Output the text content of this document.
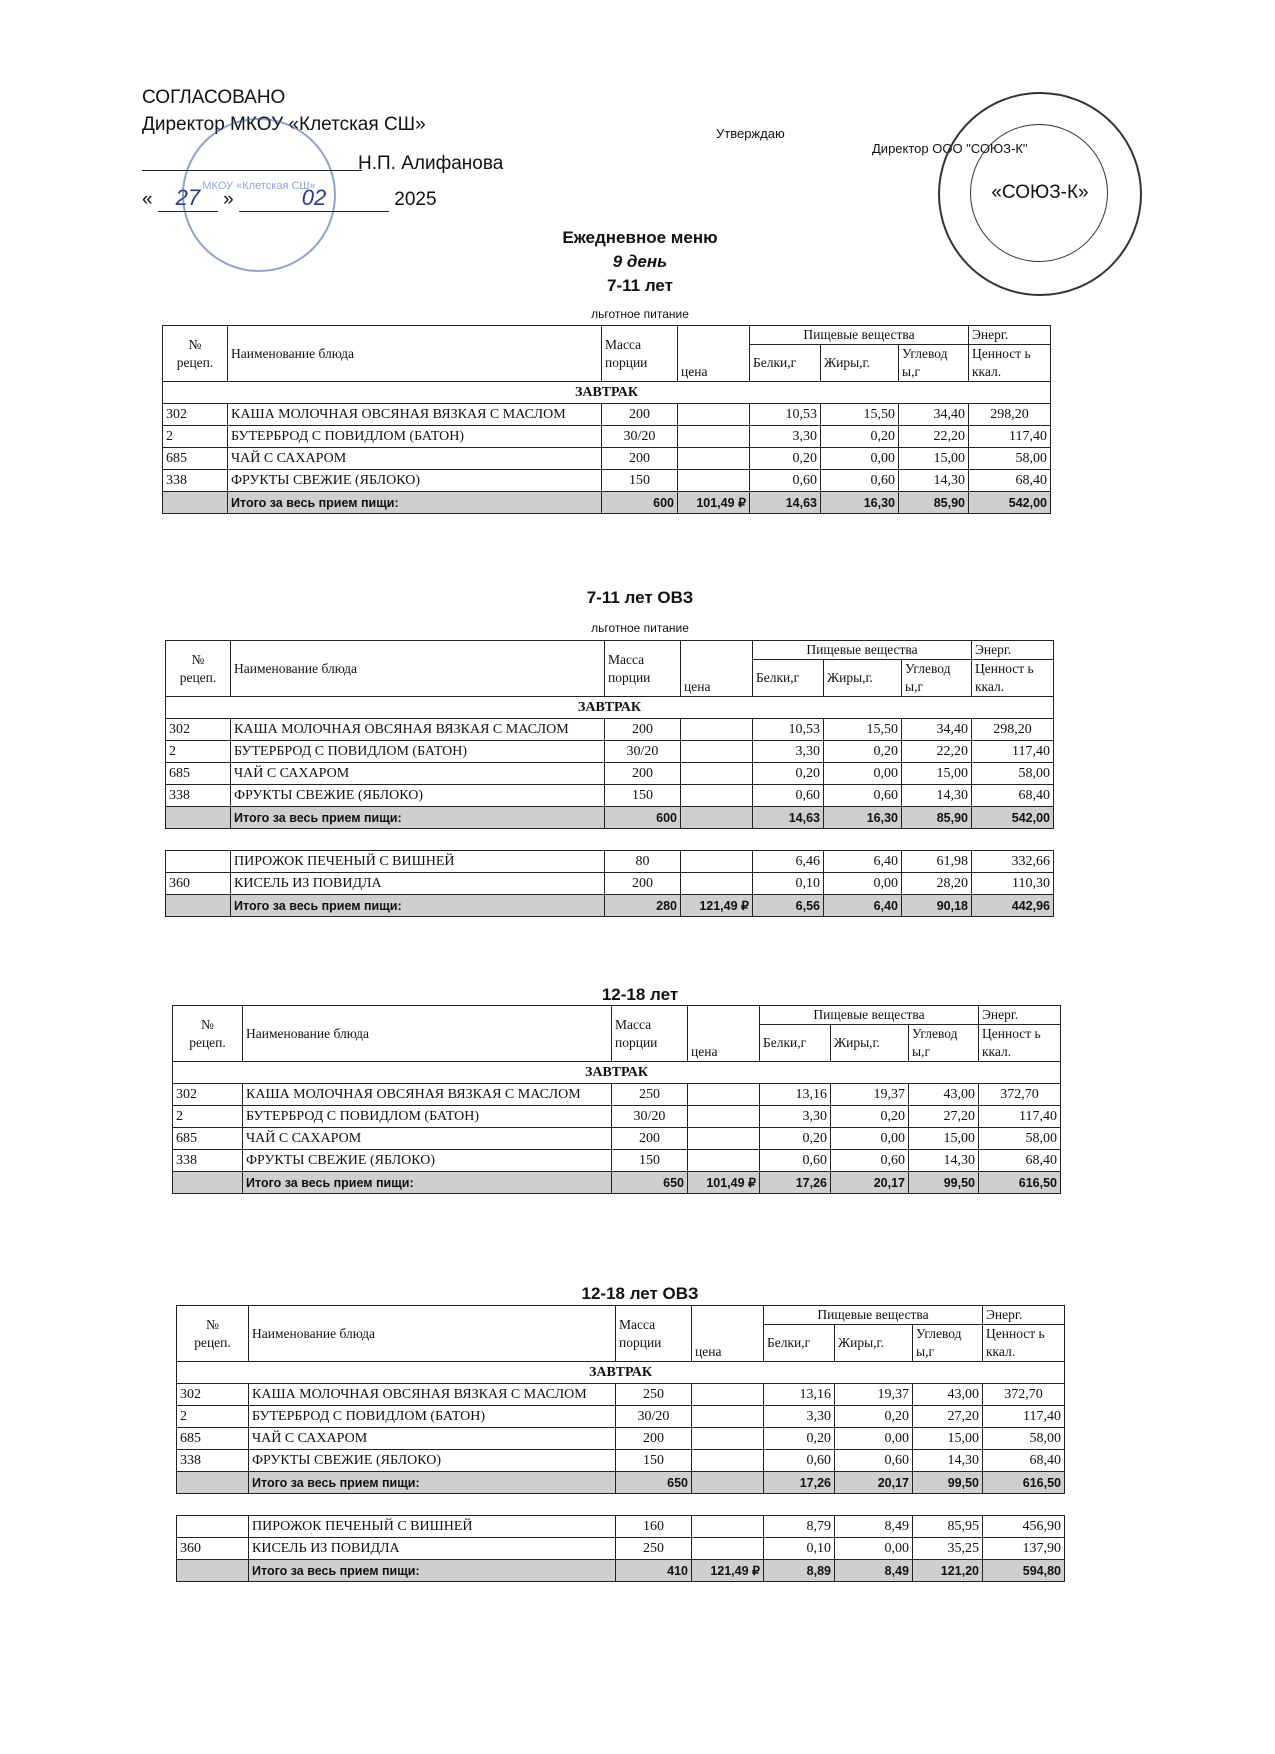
СОГЛАСОВАНО
Директор МКОУ «Клетская СШ»
Н.П. Алифанова
« 27 »	02	2025
МКОУ «Клетская СШ»
Утверждаю
Директор ООО "СОЮЗ-К"
«СОЮЗ-К»
Ежедневное меню
9 день
7-11 лет
льготное питание
7-11 лет ОВЗ
льготное питание
12-18 лет
12-18 лет ОВЗ
№
рецеп.	Наименование блюда	Масса
порции	цена	Пищевые вещества			Энерг.
				Белки,г	Жиры,г.	Углевод ы,г	Ценност ь ккал.
ЗАВТРАК							
302	КАША МОЛОЧНАЯ ОВСЯНАЯ ВЯЗКАЯ С МАСЛОМ	200		10,53	15,50	34,40	298,20
2	БУТЕРБРОД С ПОВИДЛОМ (БАТОН)	30/20		3,30	0,20	22,20	117,40
685	ЧАЙ С САХАРОМ	200		0,20	0,00	15,00	58,00
338	ФРУКТЫ СВЕЖИЕ (ЯБЛОКО)	150		0,60	0,60	14,30	68,40
	Итого за весь прием пищи:	600	101,49 ₽	14,63	16,30	85,90	542,00
№
рецеп.	Наименование блюда	Масса
порции	цена	Пищевые вещества			Энерг.
				Белки,г	Жиры,г.	Углевод ы,г	Ценност ь ккал.
ЗАВТРАК							
302	КАША МОЛОЧНАЯ ОВСЯНАЯ ВЯЗКАЯ С МАСЛОМ	200		10,53	15,50	34,40	298,20
2	БУТЕРБРОД С ПОВИДЛОМ (БАТОН)	30/20		3,30	0,20	22,20	117,40
685	ЧАЙ С САХАРОМ	200		0,20	0,00	15,00	58,00
338	ФРУКТЫ СВЕЖИЕ (ЯБЛОКО)	150		0,60	0,60	14,30	68,40
	Итого за весь прием пищи:	600		14,63	16,30	85,90	542,00

	ПИРОЖОК ПЕЧЕНЫЙ С ВИШНЕЙ	80		6,46	6,40	61,98	332,66
360	КИСЕЛЬ ИЗ ПОВИДЛА	200		0,10	0,00	28,20	110,30
	Итого за весь прием пищи:	280	121,49 ₽	6,56	6,40	90,18	442,96
№
рецеп.	Наименование блюда	Масса
порции	цена	Пищевые вещества			Энерг.
				Белки,г	Жиры,г.	Углевод ы,г	Ценност ь ккал.
ЗАВТРАК							
302	КАША МОЛОЧНАЯ ОВСЯНАЯ ВЯЗКАЯ С МАСЛОМ	250		13,16	19,37	43,00	372,70
2	БУТЕРБРОД С ПОВИДЛОМ (БАТОН)	30/20		3,30	0,20	27,20	117,40
685	ЧАЙ С САХАРОМ	200		0,20	0,00	15,00	58,00
338	ФРУКТЫ СВЕЖИЕ (ЯБЛОКО)	150		0,60	0,60	14,30	68,40
	Итого за весь прием пищи:	650	101,49 ₽	17,26	20,17	99,50	616,50
№
рецеп.	Наименование блюда	Масса
порции	цена	Пищевые вещества			Энерг.
				Белки,г	Жиры,г.	Углевод ы,г	Ценност ь ккал.
ЗАВТРАК							
302	КАША МОЛОЧНАЯ ОВСЯНАЯ ВЯЗКАЯ С МАСЛОМ	250		13,16	19,37	43,00	372,70
2	БУТЕРБРОД С ПОВИДЛОМ (БАТОН)	30/20		3,30	0,20	27,20	117,40
685	ЧАЙ С САХАРОМ	200		0,20	0,00	15,00	58,00
338	ФРУКТЫ СВЕЖИЕ (ЯБЛОКО)	150		0,60	0,60	14,30	68,40
	Итого за весь прием пищи:	650		17,26	20,17	99,50	616,50

	ПИРОЖОК ПЕЧЕНЫЙ С ВИШНЕЙ	160		8,79	8,49	85,95	456,90
360	КИСЕЛЬ ИЗ ПОВИДЛА	250		0,10	0,00	35,25	137,90
	Итого за весь прием пищи:	410	121,49 ₽	8,89	8,49	121,20	594,80
